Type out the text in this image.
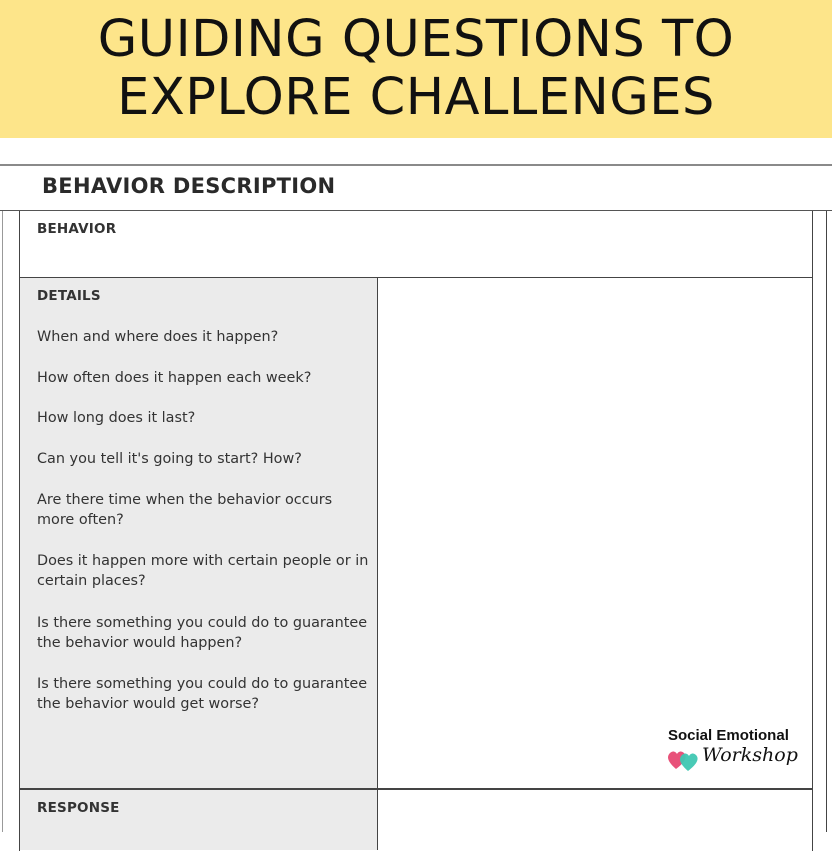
GUIDING QUESTIONS TO
EXPLORE CHALLENGES
BEHAVIOR DESCRIPTION
BEHAVIOR
DETAILS
When and where does it happen?
How often does it happen each week?
How long does it last?
Can you tell it's going to start? How?
Are there time when the behavior occurs more often?
Does it happen more with certain people or in certain places?
Is there something you could do to guarantee the behavior would happen?
Is there something you could do to guarantee the behavior would get worse?
RESPONSE
Social Emotional
Workshop
